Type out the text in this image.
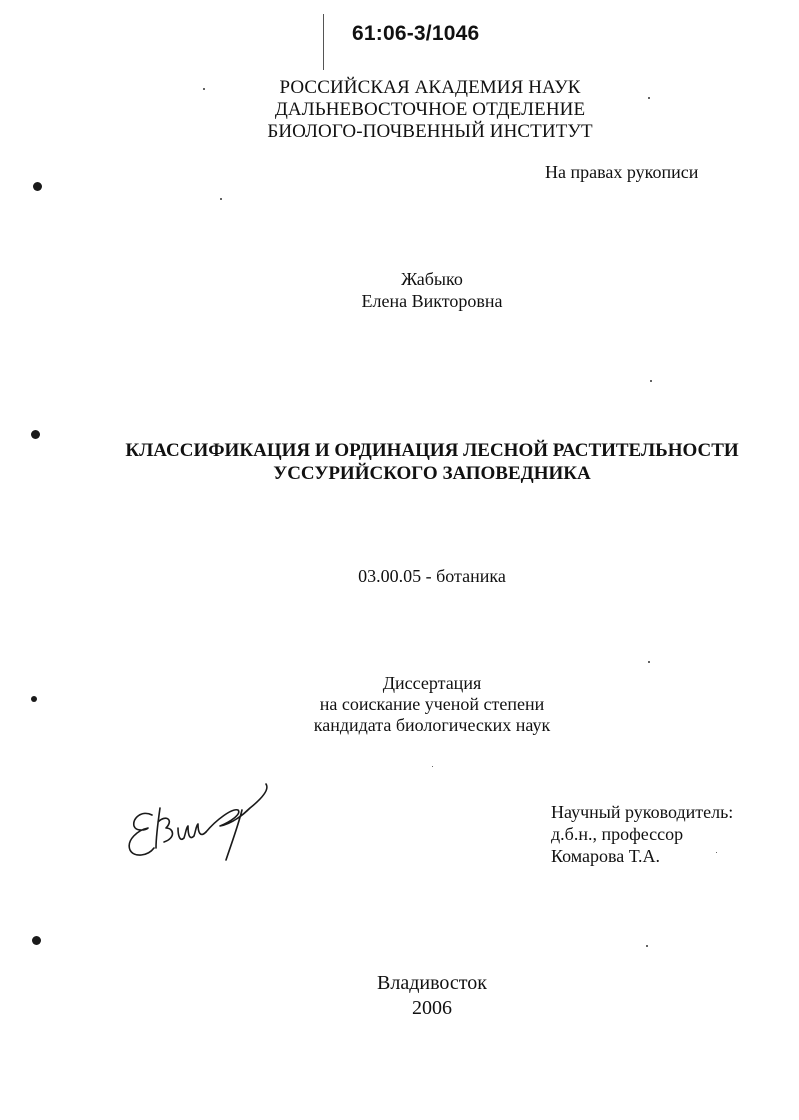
61:06-3/1046
РОССИЙСКАЯ АКАДЕМИЯ НАУК
ДАЛЬНЕВОСТОЧНОЕ ОТДЕЛЕНИЕ
БИОЛОГО-ПОЧВЕННЫЙ ИНСТИТУТ
На правах рукописи
Жабыко
Елена Викторовна
КЛАССИФИКАЦИЯ И ОРДИНАЦИЯ ЛЕСНОЙ РАСТИТЕЛЬНОСТИ
УССУРИЙСКОГО ЗАПОВЕДНИКА
03.00.05 - ботаника
Диссертация
на соискание ученой степени
кандидата биологических наук
Научный руководитель:
д.б.н., профессор
Комарова Т.А.
Владивосток
2006
